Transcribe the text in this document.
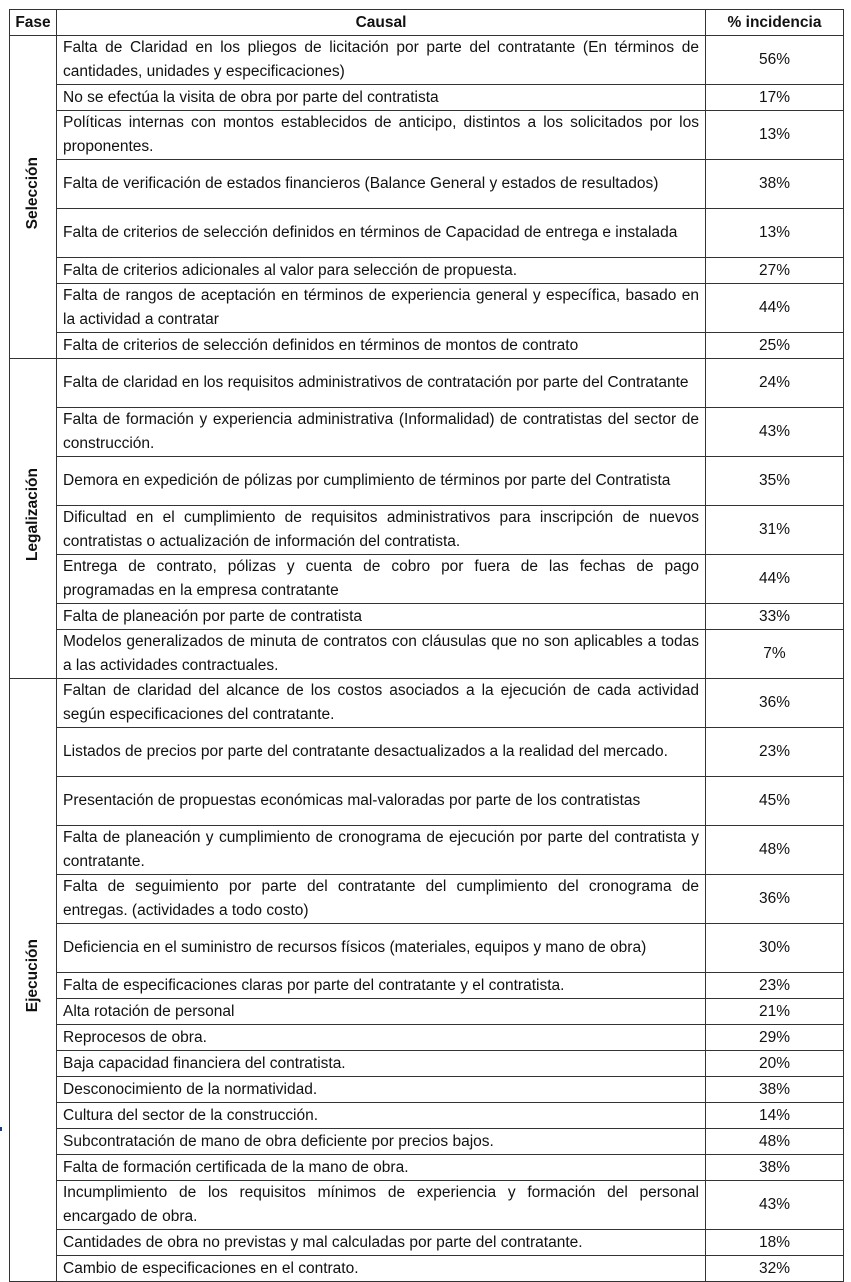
Fase	Causal	% incidencia
Selección	Falta de Claridad en los pliegos de licitación por parte del contratante (En términos de cantidades, unidades y especificaciones)	56%
	No se efectúa la visita de obra por parte del contratista	17%
	Políticas internas con montos establecidos de anticipo, distintos a los solicitados por los proponentes.	13%
	Falta de verificación de estados financieros (Balance General y estados de resultados)	38%
	Falta de criterios de selección definidos en términos de Capacidad de entrega e instalada	13%
	Falta de criterios adicionales al valor para selección de propuesta.	27%
	Falta de rangos de aceptación en términos de experiencia general y específica, basado en la actividad a contratar	44%
	Falta de criterios de selección definidos en términos de montos de contrato	25%
Legalización	Falta de claridad en los requisitos administrativos de contratación por parte del Contratante	24%
	Falta de formación y experiencia administrativa (Informalidad) de contratistas del sector de construcción.	43%
	Demora en expedición de pólizas por cumplimiento de términos por parte del Contratista	35%
	Dificultad en el cumplimiento de requisitos administrativos para inscripción de nuevos contratistas o actualización de información del contratista.	31%
	Entrega de contrato, pólizas y cuenta de cobro por fuera de las fechas de pago programadas en la empresa contratante	44%
	Falta de planeación por parte de contratista	33%
	Modelos generalizados de minuta de contratos con cláusulas que no son aplicables a todas a las actividades contractuales.	7%
Ejecución	Faltan de claridad del alcance de los costos asociados a la ejecución de cada actividad según especificaciones del contratante.	36%
	Listados de precios por parte del contratante desactualizados a la realidad del mercado.	23%
	Presentación de propuestas económicas mal-valoradas por parte de los contratistas	45%
	Falta de planeación y cumplimiento de cronograma de ejecución por parte del contratista y contratante.	48%
	Falta de seguimiento por parte del contratante del cumplimiento del cronograma de entregas. (actividades a todo costo)	36%
	Deficiencia en el suministro de recursos físicos (materiales, equipos y mano de obra)	30%
	Falta de especificaciones claras por parte del contratante y el contratista.	23%
	Alta rotación de personal	21%
	Reprocesos de obra.	29%
	Baja capacidad financiera del contratista.	20%
	Desconocimiento de la normatividad.	38%
	Cultura del sector de la construcción.	14%
	Subcontratación de mano de obra deficiente por precios bajos.	48%
	Falta de formación certificada de la mano de obra.	38%
	Incumplimiento de los requisitos mínimos de experiencia y formación del personal encargado de obra.	43%
	Cantidades de obra no previstas y mal calculadas por parte del contratante.	18%
	Cambio de especificaciones en el contrato.	32%
